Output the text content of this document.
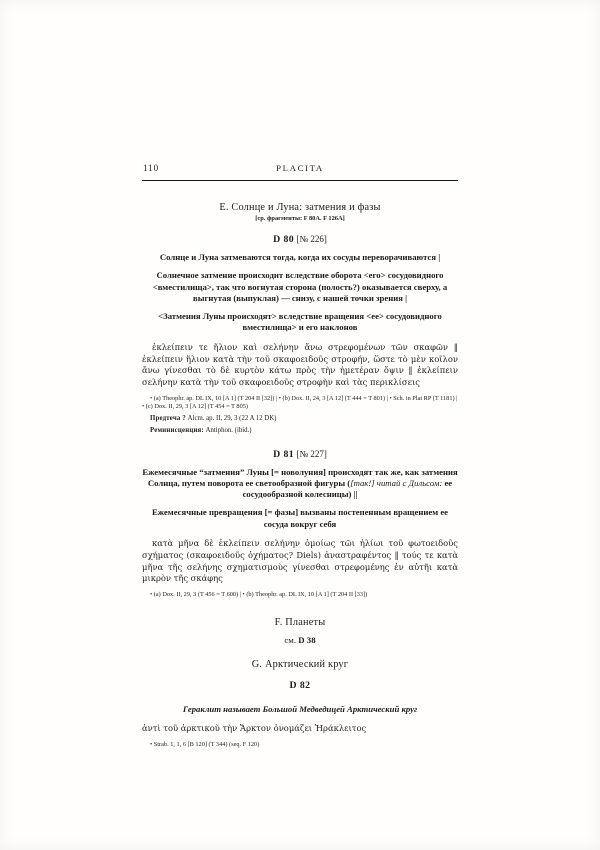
110	PLACITA
Е. Солнце и Луна: затмения и фазы
[ср. фрагменты: F 80A. F 126A]
D 80 [№ 226]
Солнце и Луна затмеваются тогда, когда их сосуды переворачиваются |
Солнечное затмение происходит вследствие оборота <его> сосудовидного <вместилища>, так что вогнутая сторона (полость?) оказывается сверху, а выгнутая (выпуклая) — снизу, с нашей точки зрения |
<Затмения Луны происходят> вследствие вращения <ее> сосудовидного вместилища> и его наклонов
ἐκλείπειν τε ἥλιον καὶ σελήνην ἄνω στρεφομένων τῶν σκαφῶν ‖ ἐκλείπειν ἥλιον κατὰ τὴν τοῦ σκαφοειδοῦς στροφήν, ὥστε τὸ μὲν κοῖλον ἄνω γίνεσθαι τὸ δὲ κυρτὸν κάτω πρὸς τὴν ἡμετέραν ὄψιν ‖ ἐκλείπειν σελήνην κατὰ τὴν τοῦ σκαφοειδοῦς στροφὴν καὶ τὰς περικλίσεις
• (a) Theophr. ap. DL IX, 10 [A 1] (T 204 II [32]) | • (b) Dox. II, 24, 3 [A 12] (T 444 = T 801) | • Sch. in Plat RP (T 1181) | • (c) Dox. II, 29, 3 [A 12] (T 454 = T 805)
Предтеча ? Alcm. ap. II, 29, 3 (22 A 12 DK)
Реминисценция: Antiphon. (ibid.)
D 81 [№ 227]
Ежемесячные “затмения” Луны [= новолуния] происходят так же, как затмения Солнца, путем поворота ее светообразной фигуры ([так!] читай с Дильсом: ее сосудообразной колесницы) ||
Ежемесячные превращения [= фазы] вызваны постепенным вращением ее сосуда вокруг себя
κατὰ μῆνα δὲ ἐκλείπειν σελήνην ὁμοίως τῶι ἡλίωι τοῦ φωτοειδοῦς σχήματος (σκαφοειδοῦς ὀχήματος? Diels) ἀναστραφέντος ‖ τούς τε κατὰ μῆνα τῆς σελήνης σχηματισμοὺς γίνεσθαι στρεφομένης ἐν αὑτῆι κατὰ μικρὸν τῆς σκάφης
• (a) Dox. II, 29, 3 (T 456 = T 600) | • (b) Theophr. ap. DL IX, 10 [A 1] (T 204 II [33])
F. Планеты
см. D 38
G. Арктический круг
D 82
Гераклит называет Большой Медведицей Арктический круг
ἀντὶ τοῦ ἀρκτικοῦ τὴν Ἄρκτον ὀνομάζει Ἡράκλειτος
• Strab. 1, 1, 6 [B 120] (T 344) (seq. F 120)
